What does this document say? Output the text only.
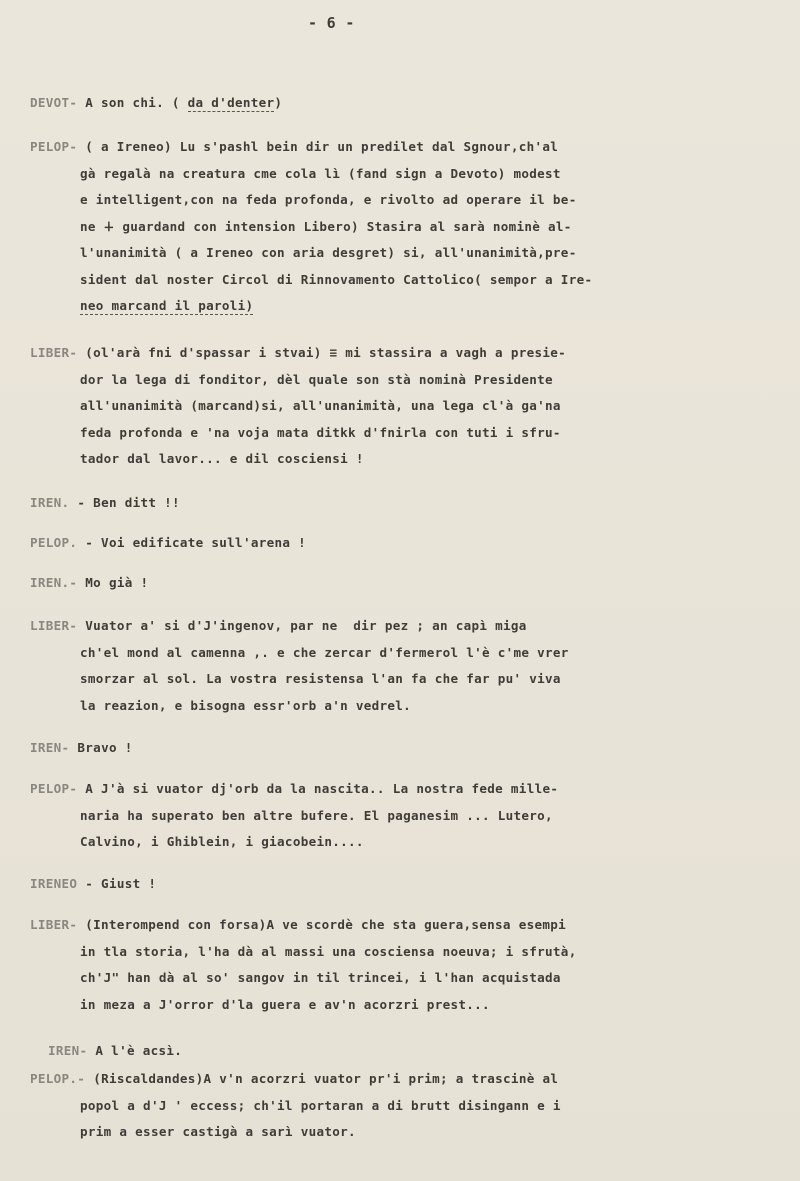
- 6 -
DEVOT- A son chi. ( da d'denter)
PELOP- ( a Ireneo) Lu s'pashl bein dir un predilet dal Sgnour,ch'al
gà regalà na creatura cme cola lì (fand sign a Devoto) modest
e intelligent,con na feda profonda, e rivolto ad operare il be-
ne ∔ guardand con intension Libero) Stasira al sarà nominè al-
l'unanimità ( a Ireneo con aria desgret) si, all'unanimità,pre-
sident dal noster Circol di Rinnovamento Cattolico( sempor a Ire-
neo marcand il paroli)
LIBER- (ol'arà fni d'spassar i stvai) ≡ mi stassira a vagh a presie-
dor la lega di fonditor, dèl quale son stà nominà Presidente
all'unanimità (marcand)si, all'unanimità, una lega cl'à ga'na
feda profonda e 'na voja mata ditkk d'fnirla con tuti i sfru-
tador dal lavor... e dil cosciensi !
IREN. - Ben ditt !!
PELOP. - Voi edificate sull'arena !
IREN.- Mo già !
LIBER- Vuator a' si d'J'ingenov, par ne  dir pez ; an capì miga
ch'el mond al camenna ,. e che zercar d'fermerol l'è c'me vrer
smorzar al sol. La vostra resistensa l'an fa che far pu' viva
la reazion, e bisogna essr'orb a'n vedrel.
IREN- Bravo !
PELOP- A J'à si vuator dj'orb da la nascita.. La nostra fede mille-
naria ha superato ben altre bufere. El paganesim ... Lutero,
Calvino, i Ghiblein, i giacobein....
IRENEO - Giust !
LIBER- (Interompend con forsa)A ve scordè che sta guera,sensa esempi
in tla storia, l'ha dà al massi una cosciensa noeuva; i sfrutà,
ch'J" han dà al so' sangov in til trincei, i l'han acquistada
in meza a J'orror d'la guera e av'n acorzri prest...
IREN- A l'è acsì.
PELOP.- (Riscaldandes)A v'n acorzri vuator pr'i prim; a trascinè al
popol a d'J ' eccess; ch'il portaran a di brutt disingann e i
prim a esser castigà a sarì vuator.
